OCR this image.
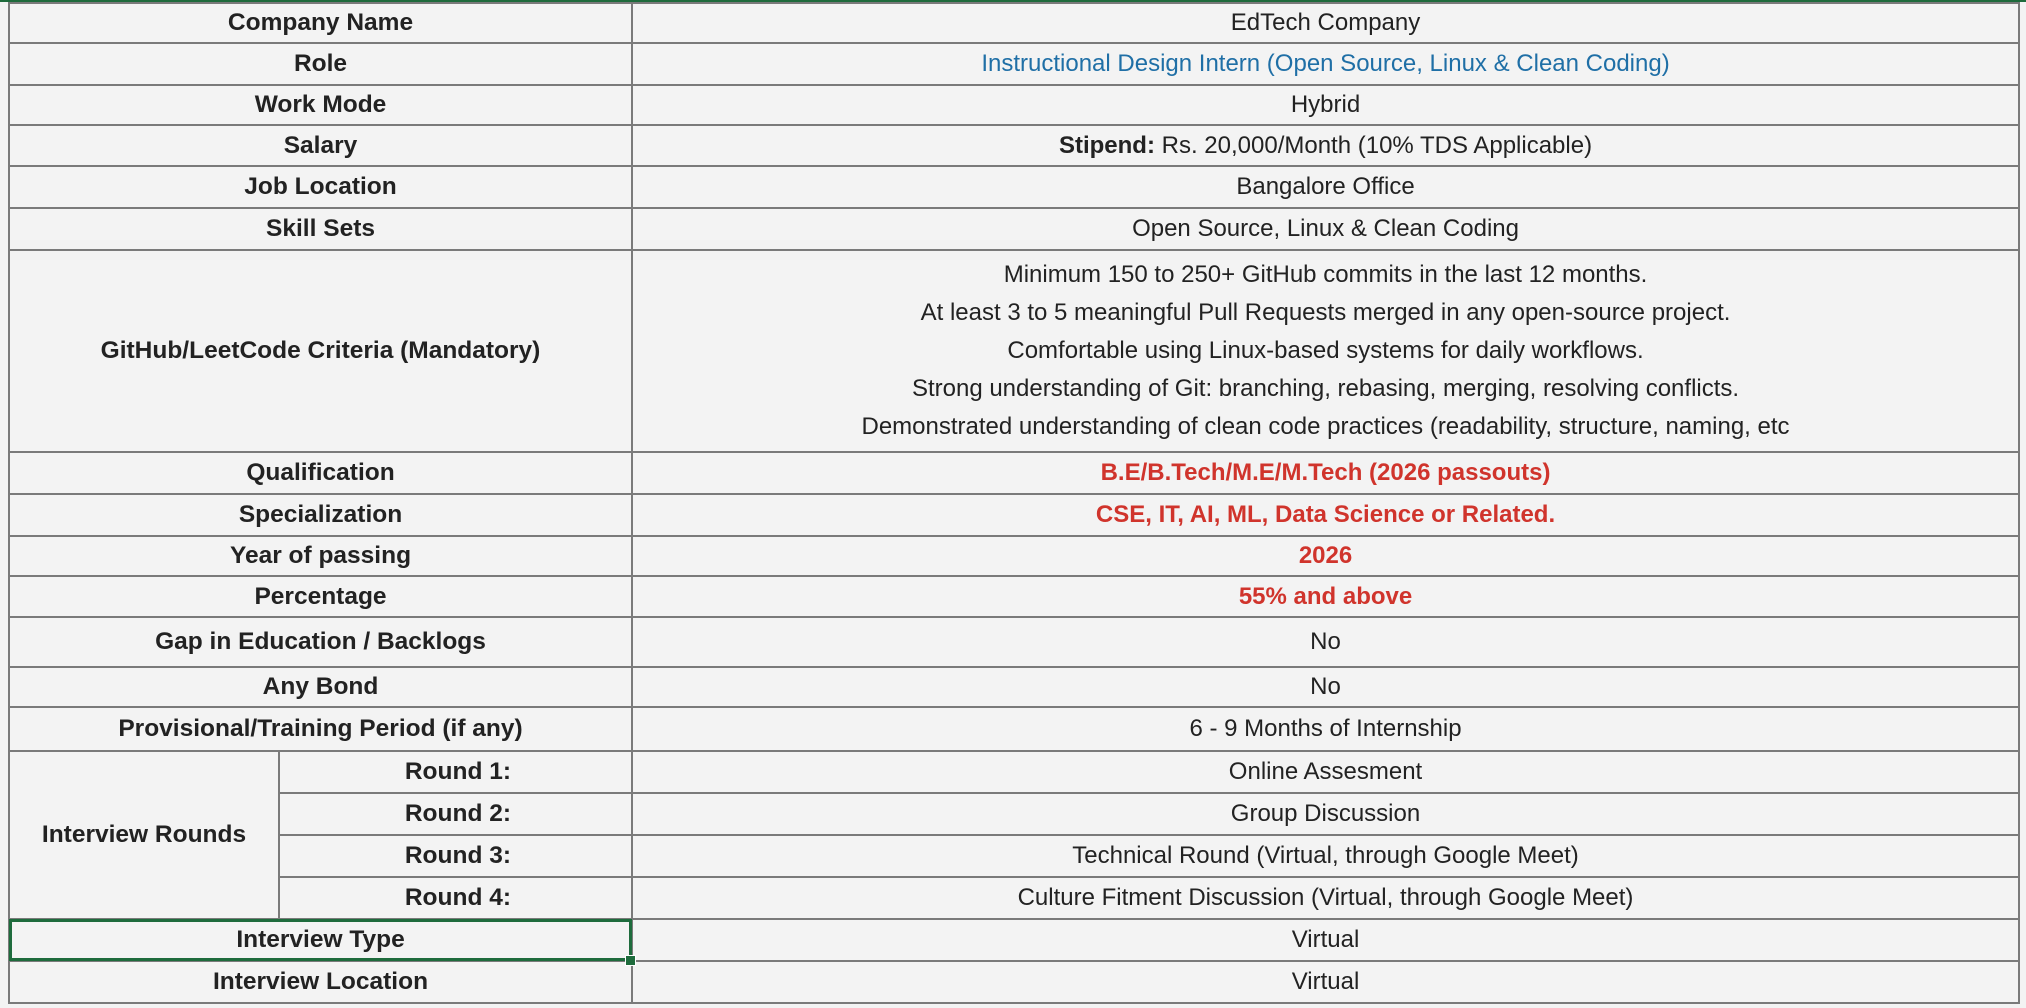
Company Name		EdTech Company
Role		Instructional Design Intern (Open Source, Linux & Clean Coding)
Work Mode		Hybrid
Salary		Stipend: Rs. 20,000/Month (10% TDS Applicable)
Job Location		Bangalore Office
Skill Sets		Open Source, Linux & Clean Coding
GitHub/LeetCode Criteria (Mandatory)		Minimum 150 to 250+ GitHub commits in the last 12 months.
At least 3 to 5 meaningful Pull Requests merged in any open-source project.
Comfortable using Linux-based systems for daily workflows.
Strong understanding of Git: branching, rebasing, merging, resolving conflicts.
Demonstrated understanding of clean code practices (readability, structure, naming, etc

Qualification		B.E/B.Tech/M.E/M.Tech (2026 passouts)
Specialization		CSE, IT, AI, ML, Data Science or Related.
Year of passing		2026
Percentage		55% and above
Gap in Education / Backlogs		No
Any Bond		No
Provisional/Training Period (if any)		6 - 9 Months of Internship
Interview Rounds	Round 1:	Online Assesment
	Round 2:	Group Discussion
	Round 3:	Technical Round (Virtual, through Google Meet)
	Round 4:	Culture Fitment Discussion (Virtual, through Google Meet)
Interview Type		Virtual
Interview Location		Virtual
